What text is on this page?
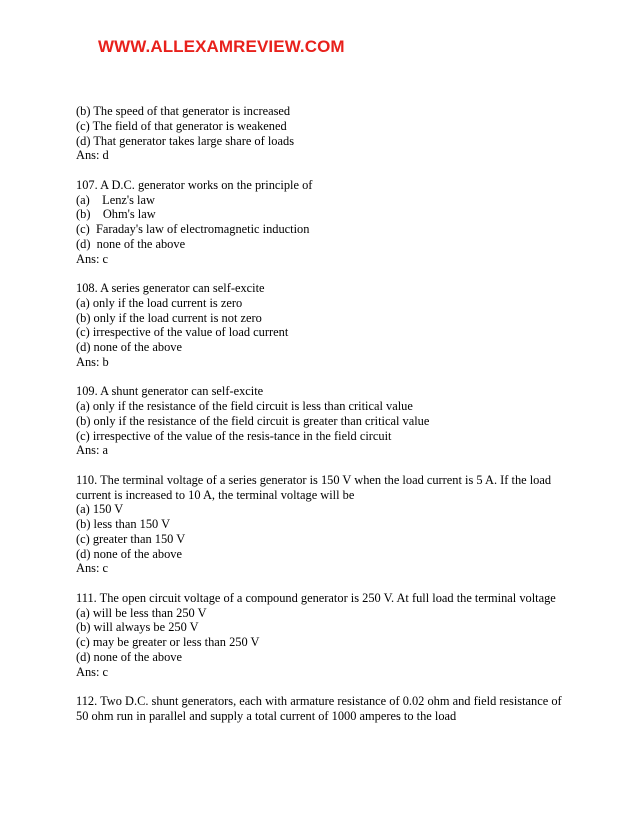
WWW.ALLEXAMREVIEW.COM
(b) The speed of that generator is increased
(c) The field of that generator is weakened
(d) That generator takes large share of loads
Ans: d
107. A D.C. generator works on the principle of
(a)    Lenz's law
(b)    Ohm's law
(c)  Faraday's law of electromagnetic induction
(d)  none of the above
Ans: c
108. A series generator can self-excite
(a) only if the load current is zero
(b) only if the load current is not zero
(c) irrespective of the value of load current
(d) none of the above
Ans: b
109. A shunt generator can self-excite
(a) only if the resistance of the field circuit is less than critical value
(b) only if the resistance of the field circuit is greater than critical value
(c) irrespective of the value of the resis-tance in the field circuit
Ans: a
110. The terminal voltage of a series generator is 150 V when the load current is 5 A. If the load current is increased to 10 A, the terminal voltage will be
(a) 150 V
(b) less than 150 V
(c) greater than 150 V
(d) none of the above
Ans: c
111. The open circuit voltage of a compound generator is 250 V. At full load the terminal voltage
(a) will be less than 250 V
(b) will always be 250 V
(c) may be greater or less than 250 V
(d) none of the above
Ans: c
112. Two D.C. shunt generators, each with armature resistance of 0.02 ohm and field resistance of 50 ohm run in parallel and supply a total current of 1000 amperes to the load
